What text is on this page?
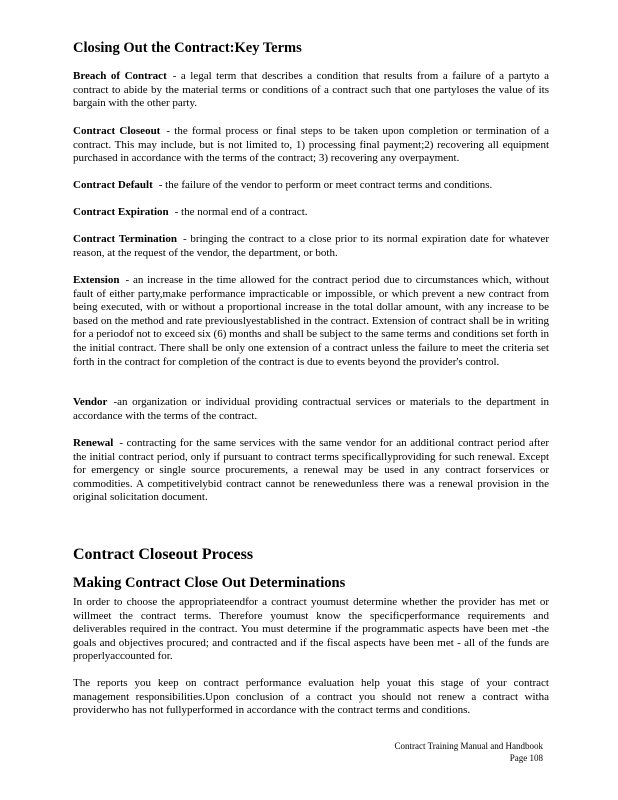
Closing Out the Contract:Key Terms

Breach of Contract - a legal term that describes a condition that results from a failure of a partyto a contract to abide by the material terms or conditions of a contract such that one partyloses the value of its bargain with the other party.

Contract Closeout - the formal process or final steps to be taken upon completion or termination of a contract. This may include, but is not limited to, 1) processing final payment;2) recovering all equipment purchased in accordance with the terms of the contract; 3) recovering any overpayment.

Contract Default - the failure of the vendor to perform or meet contract terms and conditions.

Contract Expiration - the normal end of a contract.

Contract Termination - bringing the contract to a close prior to its normal expiration date for whatever reason, at the request of the vendor, the department, or both.

Extension - an increase in the time allowed for the contract period due to circumstances which, without fault of either party,make performance impracticable or impossible, or which prevent a new contract from being executed, with or without a proportional increase in the total dollar amount, with any increase to be based on the method and rate previouslyestablished in the contract. Extension of contract shall be in writing for a periodof not to exceed six (6) months and shall be subject to the same terms and conditions set forth in the initial contract. There shall be only one extension of a contract unless the failure to meet the criteria set forth in the contract for completion of the contract is due to events beyond the provider's control.

Vendor -an organization or individual providing contractual services or materials to the department in accordance with the terms of the contract.

Renewal - contracting for the same services with the same vendor for an additional contract period after the initial contract period, only if pursuant to contract terms specificallyproviding for such renewal. Except for emergency or single source procurements, a renewal may be used in any contract forservices or commodities. A competitivelybid contract cannot be renewedunless there was a renewal provision in the original solicitation document.

Contract Closeout Process
Making Contract Close Out Determinations

In order to choose the appropriateendfor a contract youmust determine whether the provider has met or willmeet the contract terms. Therefore youmust know the specificperformance requirements and deliverables required in the contract. You must determine if the programmatic aspects have been met -the goals and objectives procured; and contracted and if the fiscal aspects have been met - all of the funds are properlyaccounted for.

The reports you keep on contract performance evaluation help youat this stage of your contract management responsibilities.Upon conclusion of a contract you should not renew a contract witha providerwho has not fullyperformed in accordance with the contract terms and conditions.

Contract Training Manual and Handbook
Page 108
